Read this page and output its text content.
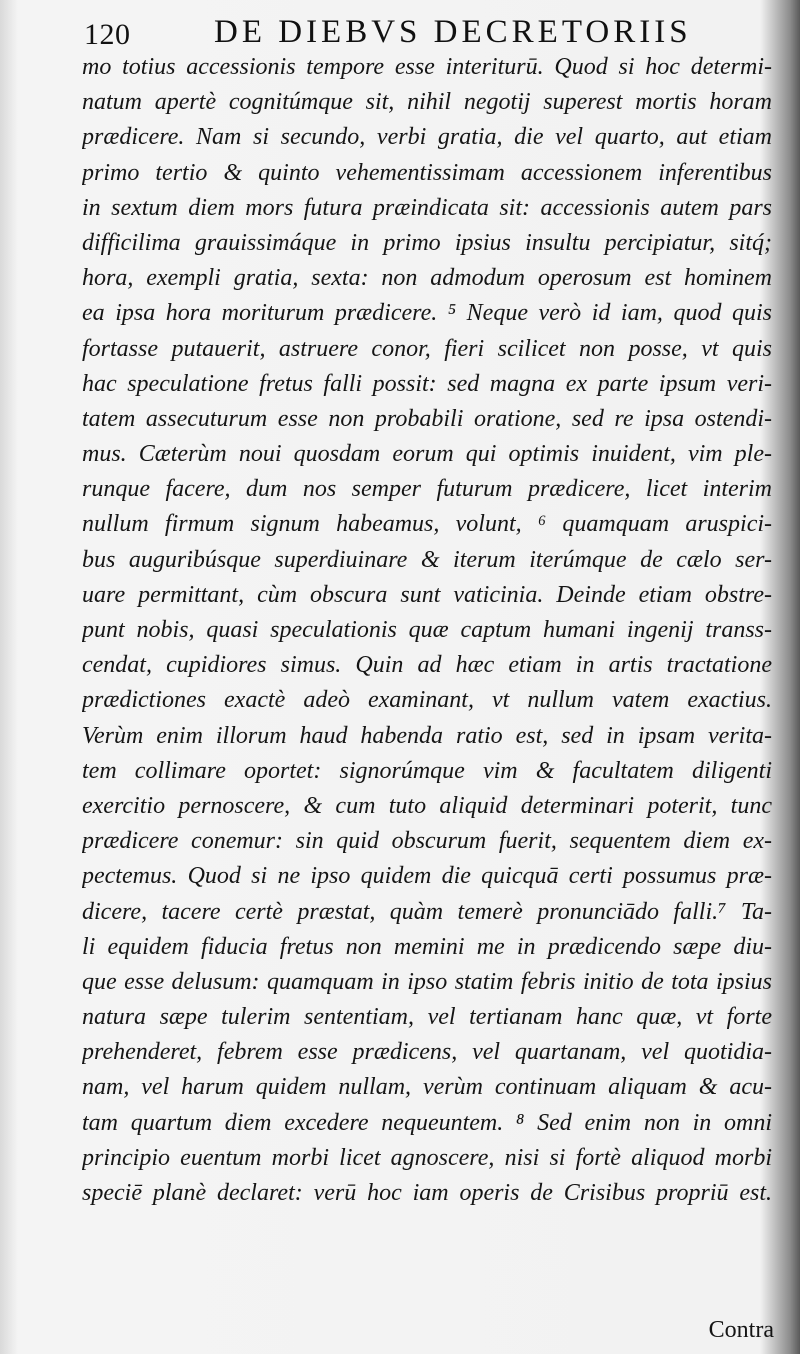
120	DE DIEBVS DECRETORIIS
mo totius accessionis tempore esse interiturū. Quod si hoc determi-
natum apertè cognitúmque sit, nihil negotij superest mortis horam
prædicere. Nam si secundo, verbi gratia, die vel quarto, aut etiam
primo tertio & quinto vehementissimam accessionem inferentibus
in sextum diem mors futura præindicata sit: accessionis autem pars
difficilima grauissimáque in primo ipsius insultu percipiatur, sitq́;
hora, exempli gratia, sexta: non admodum operosum est hominem
ea ipsa hora moriturum prædicere. ⁵ Neque verò id iam, quod quis
fortasse putauerit, astruere conor, fieri scilicet non posse, vt quis
hac speculatione fretus falli possit: sed magna ex parte ipsum veri-
tatem assecuturum esse non probabili oratione, sed re ipsa ostendi-
mus. Cæterùm noui quosdam eorum qui optimis inuident, vim ple-
runque facere, dum nos semper futurum prædicere, licet interim
nullum firmum signum habeamus, volunt, ⁶ quamquam aruspici-
bus auguribúsque superdiuinare & iterum iterúmque de cælo ser-
uare permittant, cùm obscura sunt vaticinia. Deinde etiam obstre-
punt nobis, quasi speculationis quæ captum humani ingenij transs-
cendat, cupidiores simus. Quin ad hæc etiam in artis tractatione
prædictiones exactè adeò examinant, vt nullum vatem exactius.
Verùm enim illorum haud habenda ratio est, sed in ipsam verita-
tem collimare oportet: signorúmque vim & facultatem diligenti
exercitio pernoscere, & cum tuto aliquid determinari poterit, tunc
prædicere conemur: sin quid obscurum fuerit, sequentem diem ex-
pectemus. Quod si ne ipso quidem die quicquā certi possumus præ-
dicere, tacere certè præstat, quàm temerè pronunciādo falli.⁷ Ta-
li equidem fiducia fretus non memini me in prædicendo sæpe diu-
que esse delusum: quamquam in ipso statim febris initio de tota ipsius
natura sæpe tulerim sententiam, vel tertianam hanc quæ, vt forte
prehenderet, febrem esse prædicens, vel quartanam, vel quotidia-
nam, vel harum quidem nullam, verùm continuam aliquam & acu-
tam quartum diem excedere nequeuntem. ⁸ Sed enim non in omni
principio euentum morbi licet agnoscere, nisi si fortè aliquod morbi
speciē planè declaret: verū hoc iam operis de Crisibus propriū est.
Contra
